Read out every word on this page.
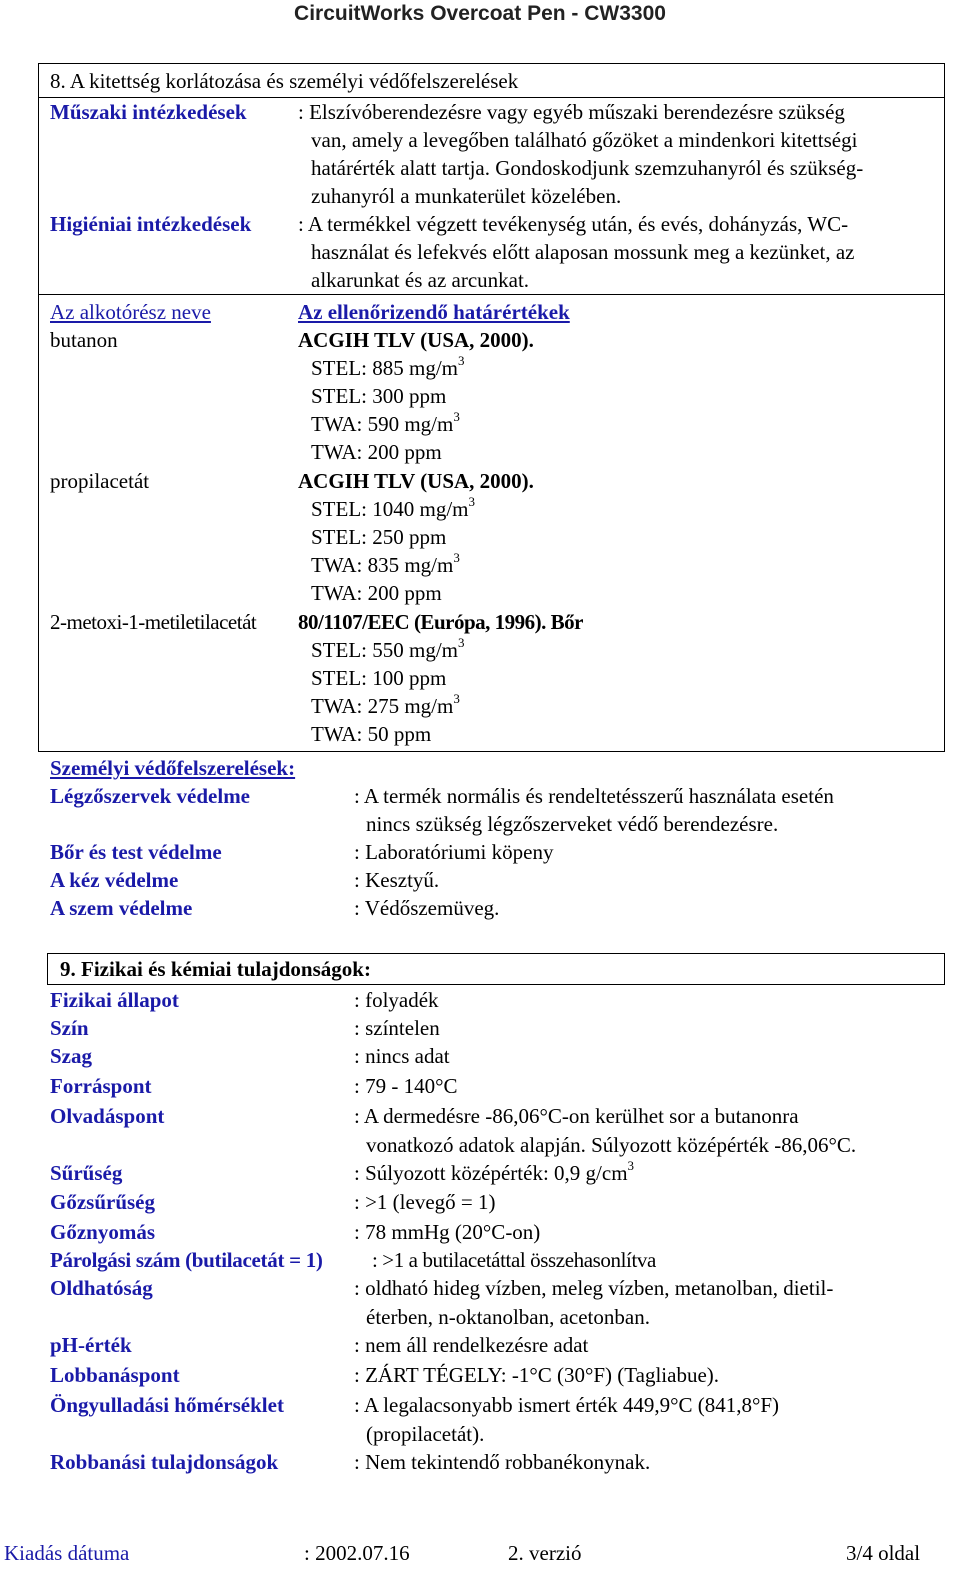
CircuitWorks Overcoat Pen - CW3300
8. A kitettség korlátozása és személyi védőfelszerelések
Műszaki intézkedések : Elszívóberendezésre vagy egyéb műszaki berendezésre szükség
van, amely a levegőben található gőzöket a mindenkori kitettségi
határérték alatt tartja. Gondoskodjunk szemzuhanyról és szükség-
zuhanyról a munkaterület közelében.
Higiéniai intézkedések : A termékkel végzett tevékenység után, és evés, dohányzás, WC-
használat és lefekvés előtt alaposan mossunk meg a kezünket, az
alkarunkat és az arcunkat.
Az alkotórész neve	Az ellenőrizendő határértékek
butanon	ACGIH TLV (USA, 2000).
STEL: 885 $mg/m^3$
STEL: 300 ppm
TWA: 590 $mg/m^3$
TWA: 200 ppm
propilacetát	ACGIH TLV (USA, 2000).
STEL: 1040 $mg/m^3$
STEL: 250 ppm
TWA: 835 $mg/m^3$
TWA: 200 ppm
2-metoxi-1-metiletilacetát 80/1107/EEC (Európa, 1996). Bőr
STEL: 550 $mg/m^3$
STEL: 100 ppm
TWA: 275 $mg/m^3$
TWA: 50 ppm
Személyi védőfelszerelések:
Légzőszervek védelme	: A termék normális és rendeltetésszerű használata esetén
nincs szükség légzőszerveket védő berendezésre.
Bőr és test védelme	: Laboratóriumi köpeny
A kéz védelme	: Kesztyű.
A szem védelme	: Védőszemüveg.
9. Fizikai és kémiai tulajdonságok:
Fizikai állapot	: folyadék
Szín	: színtelen
Szag	: nincs adat
Forráspont	: 79 - 140°C
Olvadáspont	: A dermedésre -86,06°C-on kerülhet sor a butanonra
vonatkozó adatok alapján. Súlyozott középérték -86,06°C.
Sűrűség	: Súlyozott középérték: 0,9 $g/cm^3$
Gőzsűrűség	: >1 (levegő = 1)
Gőznyomás	: 78 mmHg (20°C-on)
Párolgási szám (butilacetát = 1) : >1 a butilacetáttal összehasonlítva
Oldhatóság	: oldható hideg vízben, meleg vízben, metanolban, dietil-
éterben, n-oktanolban, acetonban.
pH-érték	: nem áll rendelkezésre adat
Lobbanáspont	: ZÁRT TÉGELY: -1°C (30°F) (Tagliabue).
Öngyulladási hőmérséklet	: A legalacsonyabb ismert érték 449,9°C (841,8°F)
(propilacetát).
Robbanási tulajdonságok	: Nem tekintendő robbanékonynak.
Kiadás dátuma	: 2002.07.16	2. verzió	3/4 oldal
